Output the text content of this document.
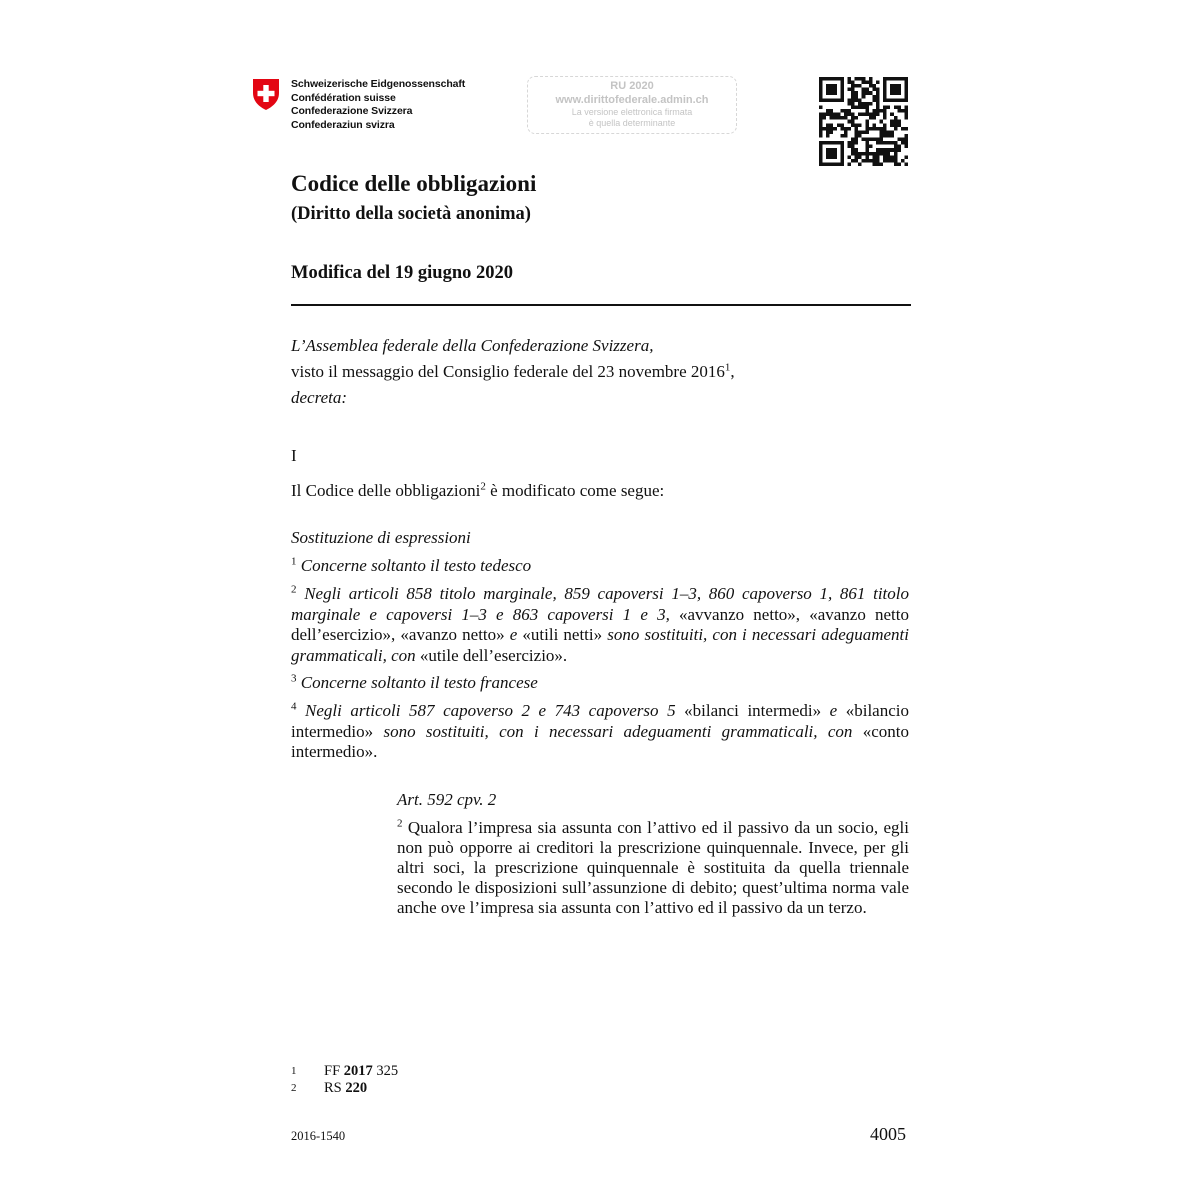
Schweizerische Eidgenossenschaft
Confédération suisse
Confederazione Svizzera
Confederaziun svizra
RU 2020
www.dirittofederale.admin.ch
La versione elettronica firmata
è quella determinante
Codice delle obbligazioni
(Diritto della società anonima)
Modifica del 19 giugno 2020
L’Assemblea federale della Confederazione Svizzera,
visto il messaggio del Consiglio federale del 23 novembre 2016$^1$,
decreta:
I
Il Codice delle obbligazioni$^2$ è modificato come segue:
Sostituzione di espressioni
$^1$ Concerne soltanto il testo tedesco
$^2$ Negli articoli 858 titolo marginale, 859 capoversi 1–3, 860 capoverso 1, 861 titolo marginale e capoversi 1–3 e 863 capoversi 1 e 3, «avvanzo netto», «avanzo netto dell’esercizio», «avanzo netto» e «utili netti» sono sostituiti, con i necessari adeguamenti grammaticali, con «utile dell’esercizio».
$^3$ Concerne soltanto il testo francese
$^4$ Negli articoli 587 capoverso 2 e 743 capoverso 5 «bilanci intermedi» e «bilancio intermedio» sono sostituiti, con i necessari adeguamenti grammaticali, con «conto intermedio».
Art. 592 cpv. 2
$^2$ Qualora l’impresa sia assunta con l’attivo ed il passivo da un socio, egli non può opporre ai creditori la prescrizione quinquennale. Invece, per gli altri soci, la prescrizione quinquennale è sostituita da quella triennale secondo le disposizioni sull’assunzione di debito; quest’ultima norma vale anche ove l’impresa sia assunta con l’attivo ed il passivo da un terzo.
1 FF 2017 325
2 RS 220
2016-1540	4005
